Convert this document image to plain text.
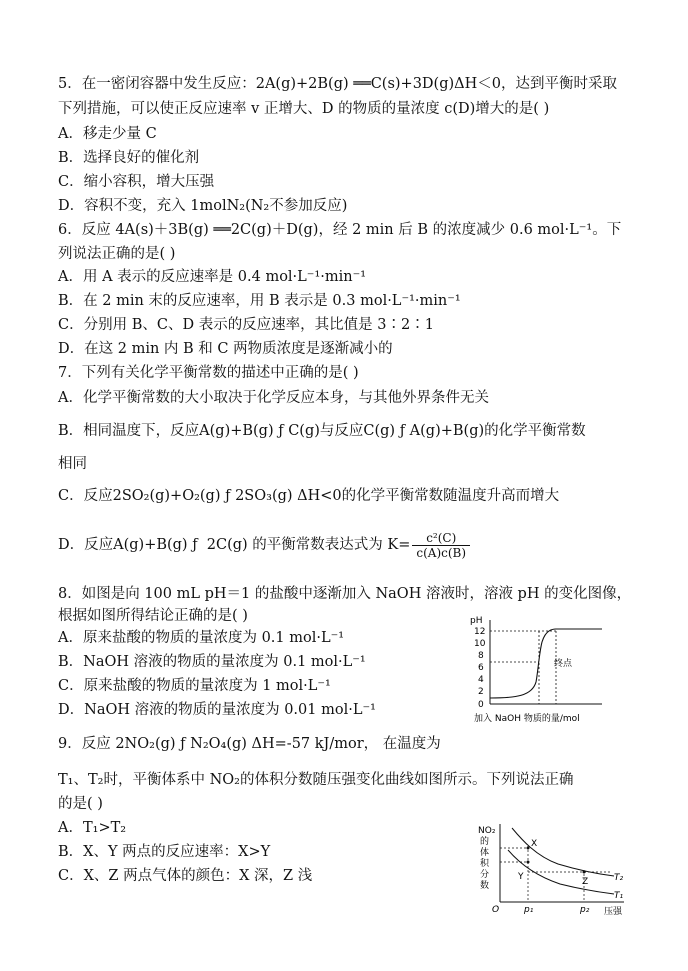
5．在一密闭容器中发生反应：2A(g)+2B(g) ══C(s)+3D(g)ΔH＜0，达到平衡时采取
下列措施，可以使正反应速率 v 正增大、D 的物质的量浓度 c(D)增大的是( )
A．移走少量 C
B．选择良好的催化剂
C．缩小容积，增大压强
D．容积不变，充入 1molN₂(N₂不参加反应)
6．反应 4A(s)＋3B(g) ══2C(g)＋D(g)，经 2 min 后 B 的浓度减少 0.6 mol·L⁻¹。下
列说法正确的是( )
A．用 A 表示的反应速率是 0.4 mol·L⁻¹·min⁻¹
B．在 2 min 末的反应速率，用 B 表示是 0.3 mol·L⁻¹·min⁻¹
C．分别用 B、C、D 表示的反应速率，其比值是 3∶2∶1
D．在这 2 min 内 B 和 C 两物质浓度是逐渐减小的
7．下列有关化学平衡常数的描述中正确的是( )
A．化学平衡常数的大小取决于化学反应本身，与其他外界条件无关
B．相同温度下，反应A(g)+B(g) ƒ C(g)与反应C(g) ƒ A(g)+B(g)的化学平衡常数
相同
C．反应2SO₂(g)+O₂(g) ƒ 2SO₃(g) ΔH<0的化学平衡常数随温度升高而增大
D．反应A(g)+B(g) ƒ  2C(g) 的平衡常数表达式为 $K= \frac{\text{c²(C)}}{c(A)c(B)}$
8．如图是向 100 mL pH＝1 的盐酸中逐渐加入 NaOH 溶液时，溶液 pH 的变化图像，
根据如图所得结论正确的是( )
A．原来盐酸的物质的量浓度为 0.1 mol·L⁻¹
B．NaOH 溶液的物质的量浓度为 0.1 mol·L⁻¹
C．原来盐酸的物质的量浓度为 1 mol·L⁻¹
D．NaOH 溶液的物质的量浓度为 0.01 mol·L⁻¹
pH
12
10
8
6
4
2
0
终点
加入 NaOH 物质的量/mol
9．反应 2NO₂(g) ƒ N₂O₄(g) ΔH=-57 kJ/mor， 在温度为
T₁、T₂时，平衡体系中 NO₂的体积分数随压强变化曲线如图所示。下列说法正确
的是( )
A．T₁>T₂
B．X、Y 两点的反应速率：X>Y
C．X、Z 两点气体的颜色：X 深，Z 浅
NO₂
的
体
积
分
数
O
X
Y	Z	T₂
T₁
p₁	p₂ 压强
